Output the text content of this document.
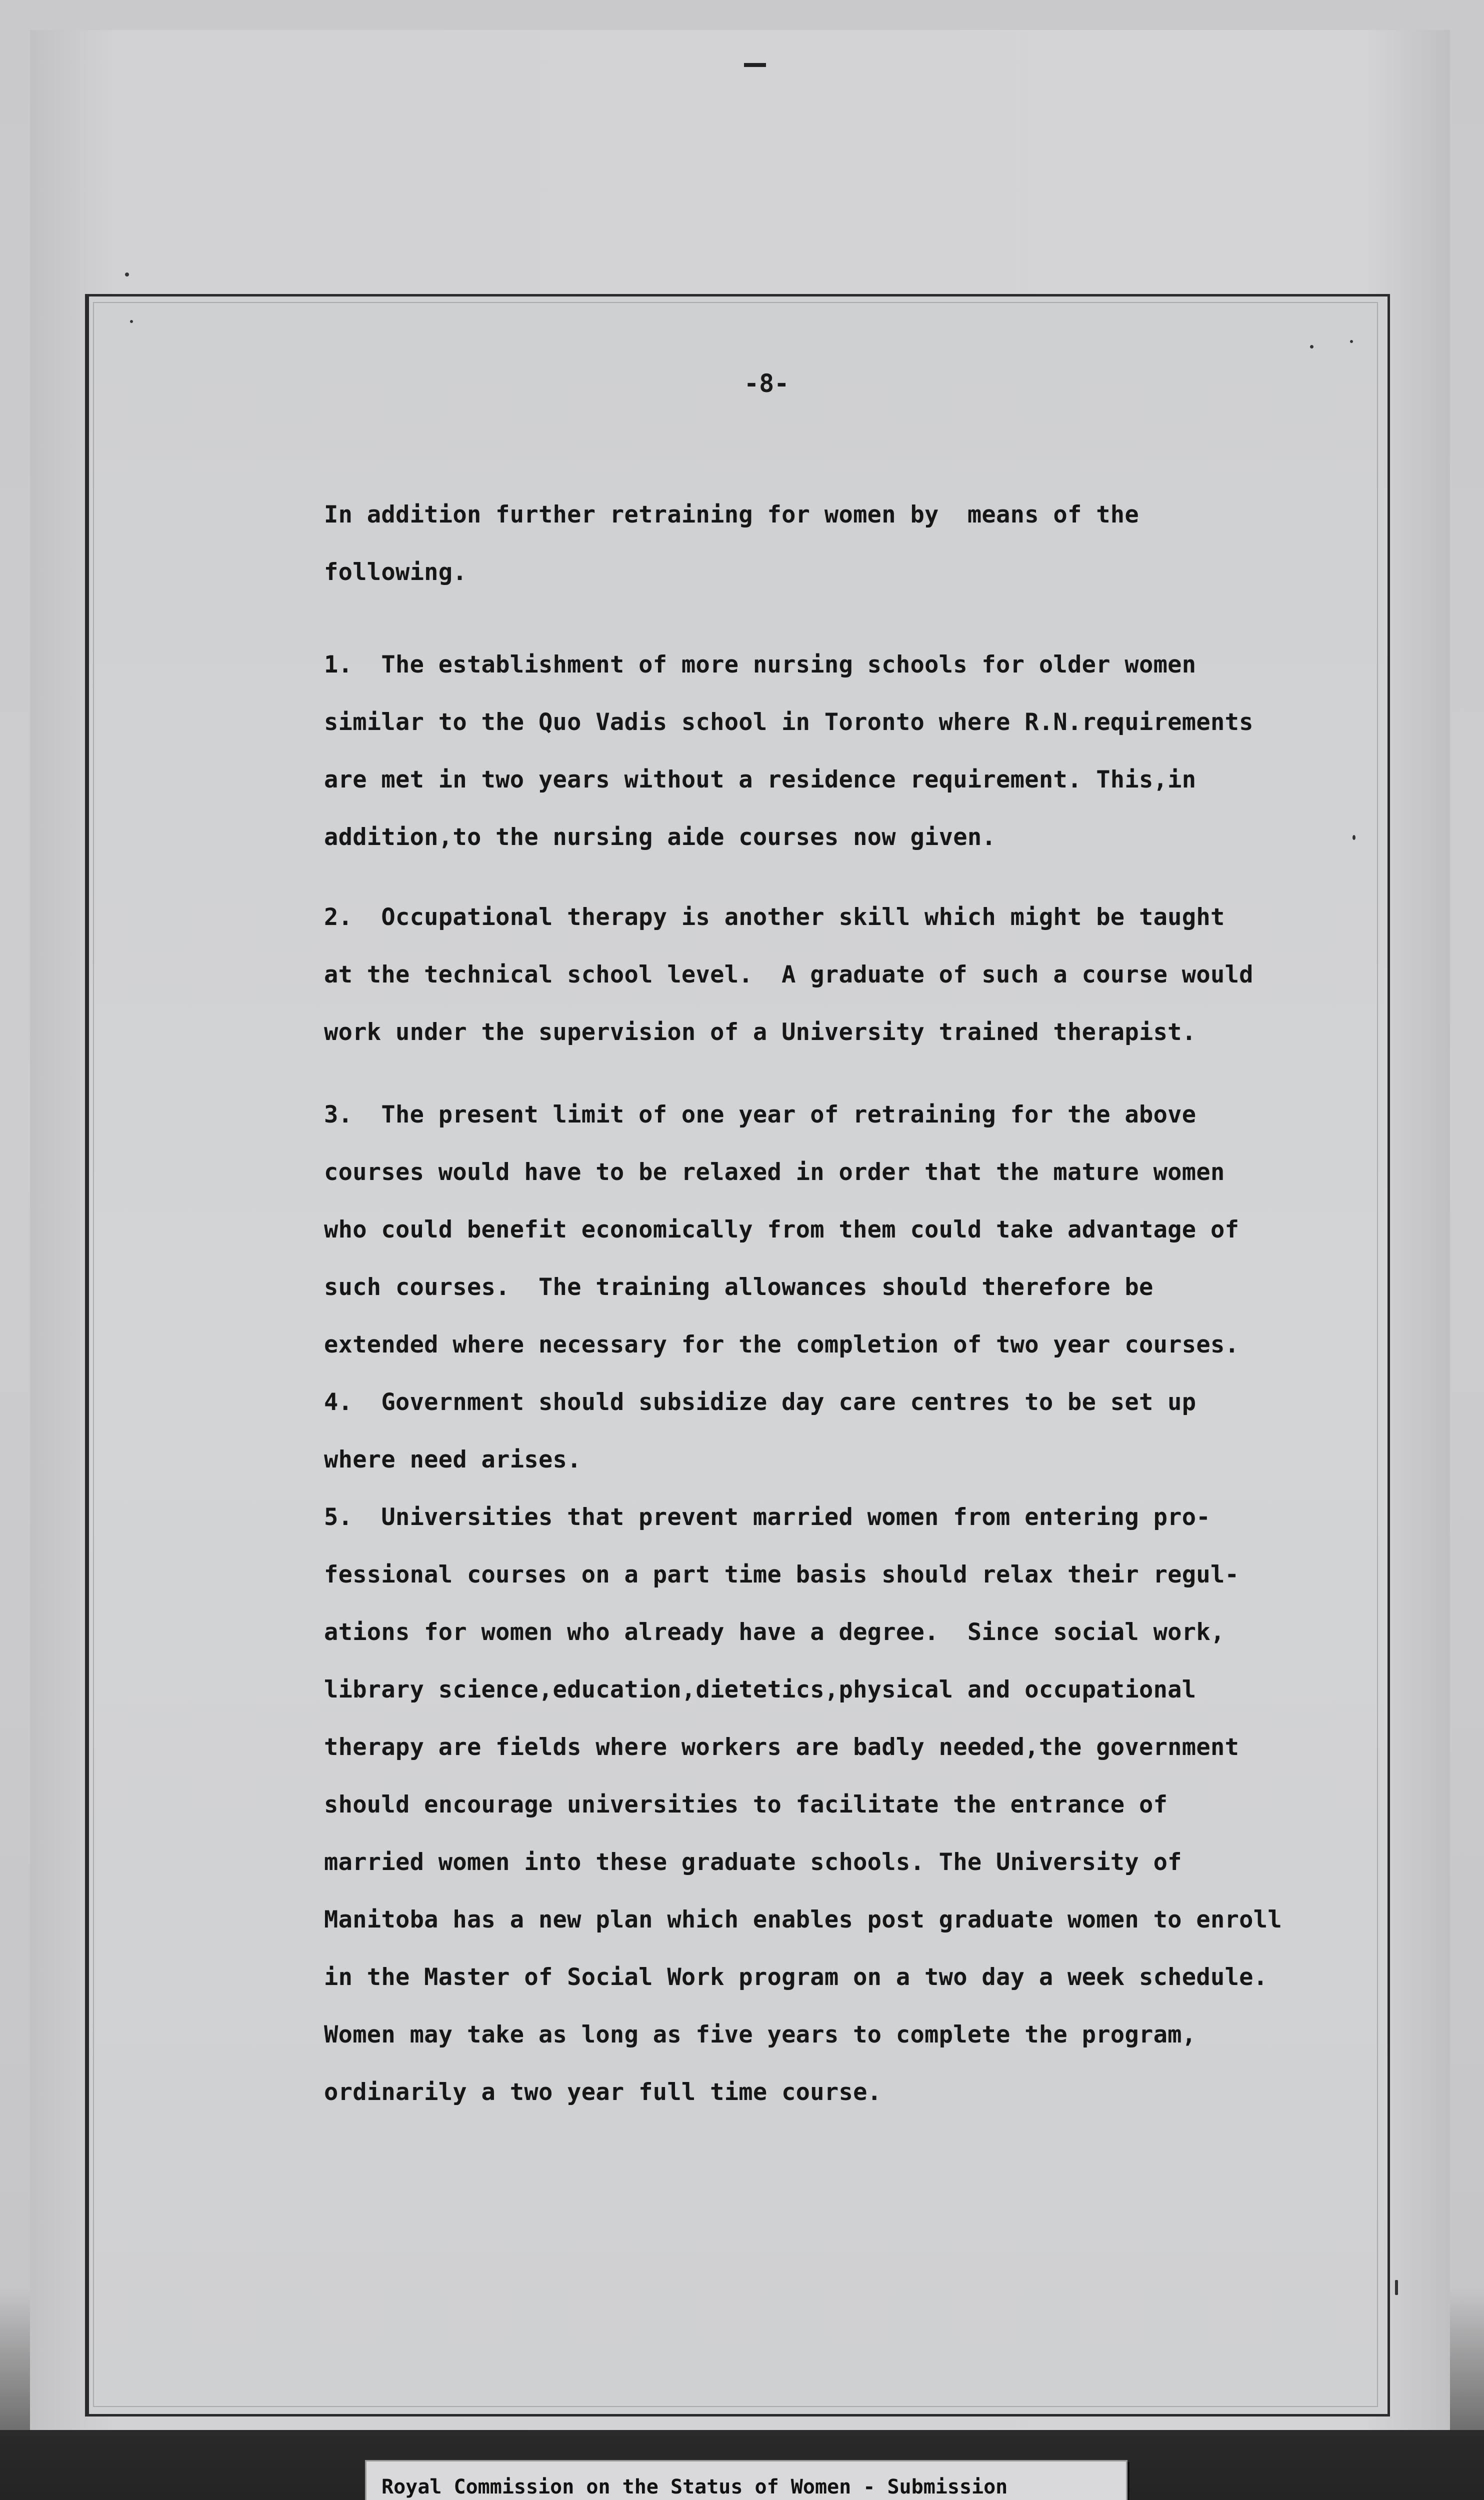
-8-

In addition further retraining for women by  means of the

following.

1.  The establishment of more nursing schools for older women

similar to the Quo Vadis school in Toronto where R.N.requirements

are met in two years without a residence requirement. This,in

addition,to the nursing aide courses now given.

2.  Occupational therapy is another skill which might be taught

at the technical school level.  A graduate of such a course would

work under the supervision of a University trained therapist.

3.  The present limit of one year of retraining for the above

courses would have to be relaxed in order that the mature women

who could benefit economically from them could take advantage of

such courses.  The training allowances should therefore be

extended where necessary for the completion of two year courses.

4.  Government should subsidize day care centres to be set up

where need arises.

5.  Universities that prevent married women from entering pro-

fessional courses on a part time basis should relax their regul-

ations for women who already have a degree.  Since social work,

library science,education,dietetics,physical and occupational

therapy are fields where workers are badly needed,the government

should encourage universities to facilitate the entrance of

married women into these graduate schools. The University of

Manitoba has a new plan which enables post graduate women to enroll

in the Master of Social Work program on a two day a week schedule.

Women may take as long as five years to complete the program,

ordinarily a two year full time course.

Royal Commission on the Status of Women - Submission
